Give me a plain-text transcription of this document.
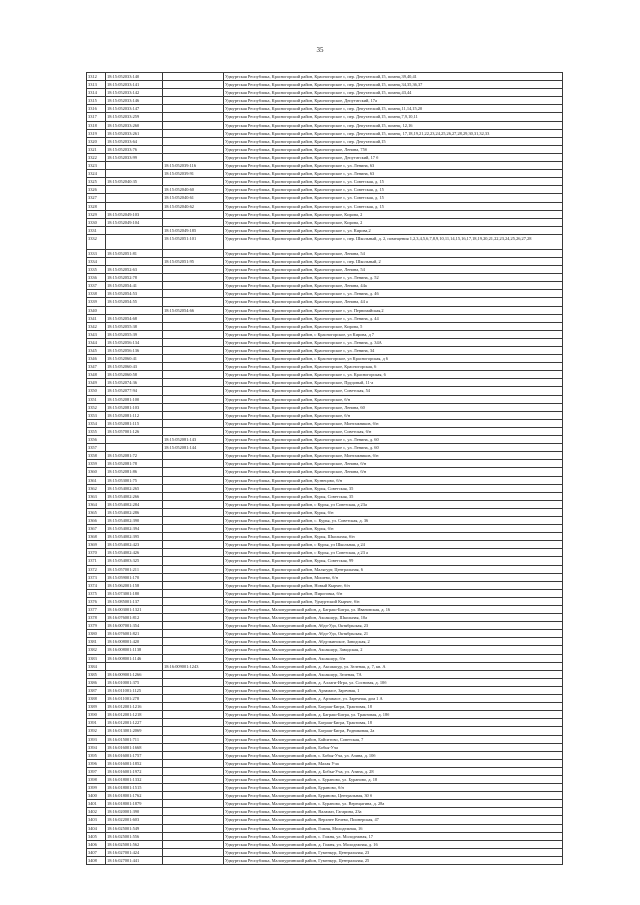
35
3312	18:15:052033:140		Удмуртская Республика, Красногорский район, Красногорское с, пер. Депутатский,15, помещ.39,40,41
3313	18:15:052033:141		Удмуртская Республика, Красногорский район, Красногорское с, пер. Депутатский,15, помещ.34,35,36,37
3314	18:15:052033:142		Удмуртская Республика, Красногорский район, Красногорское с, пер. Депутатский,15, помещ.43,44
3315	18:15:052033:146		Удмуртская Республика, Красногорский район, Красногорское, Депутатский, 17а
3316	18:15:052033:147		Удмуртская Республика, Красногорский район, Красногорское с, пер. Депутатский,15, помещ.11,14,15,20
3317	18:15:052033:259		Удмуртская Республика, Красногорский район, Красногорское с, пер. Депутатский,15, помещ.7,9,10,11
3318	18:15:052033:260		Удмуртская Республика, Красногорский район, Красногорское с, пер. Депутатский,15, помещ. 12,16
3319	18:15:052033:261		Удмуртская Республика, Красногорский район, Красногорское с, пер. Депутатский,15, помещ. 17,18,19,21,22,23,24,25,26,27,28,29,30,31,32,33
3320	18:15:052033:64		Удмуртская Республика, Красногорский район, Красногорское с, пер. Депутатский,15
3321	18:15:052033:76		Удмуртская Республика, Красногорский район, Красногорское, Ленина, 75б
3322	18:15:052033:99		Удмуртская Республика, Красногорский район, Красногорское, Депутатский, 17 б
3323		18:15:052039:116	Удмуртская Республика, Красногорский район, Красногорское с, ул. Ленина, 63
3324		18:15:052039:91	Удмуртская Республика, Красногорский район, Красногорское с, ул. Ленина, 63
3325	18:15:052040:35		Удмуртская Республика, Красногорский район, Красногорское с, ул. Советская, д. 15
3326		18:15:052040:60	Удмуртская Республика, Красногорский район, Красногорское с, ул. Советская, д. 15
3327		18:15:052040:61	Удмуртская Республика, Красногорский район, Красногорское с, ул. Советская, д. 15
3328		18:15:052040:62	Удмуртская Республика, Красногорский район, Красногорское с, ул. Советская, д. 15
3329	18:15:052049:103		Удмуртская Республика, Красногорский район, Красногорское, Кирова, 2
3330	18:15:052049:104		Удмуртская Республика, Красногорский район, Красногорское, Кирова, 2
3331		18:15:052049:185	Удмуртская Республика, Красногорский район, Красногорское с, ул. Кирова,2
3332		18:15:052051:101	Удмуртская Республика, Красногорский район, Красногорское с, пер. Школьный, д. 2, помещения 1,2,3,4,5,6,7,8,9,10,11,14,15,16,17,18,19,20,21,22,23,24,25,26,27,28
3333	18:15:052051:81		Удмуртская Республика, Красногорский район, Красногорское, Ленина, 54
3334		18:15:052051:95	Удмуртская Республика, Красногорский район, Красногорское с, пер. Школьный, 2
3335	18:15:052052:63		Удмуртская Республика, Красногорский район, Красногорское, Ленина, 54
3336	18:15:052052:78		Удмуртская Республика, Красногорский район, Красногорское с, ул. Ленина, д. 52
3337	18:15:052054:41		Удмуртская Республика, Красногорский район, Красногорское, Ленина, 44а
3338	18:15:052054:53		Удмуртская Республика, Красногорский район, Красногорское с, ул. Ленина, д. 46
3339	18:15:052054:55		Удмуртская Республика, Красногорский район, Красногорское, Ленина, 44 а
3340		18:15:052054:66	Удмуртская Республика, Красногорский район, Красногорское с, ул. Первомайская,2
3341	18:15:052054:68		Удмуртская Республика, Красногорский район, Красногорское с, ул. Ленина, д. 44
3342	18:15:052055:38		Удмуртская Республика, Красногорский район, Красногорское, Кирова, 5
3343	18:15:052055:39		Удмуртская Республика, Красногорский район, с Красногорское, ул Кирова, д 7
3344	18:15:052056:134		Удмуртская Республика, Красногорский район, Красногорское с, ул. Ленина, д. 34А
3345	18:15:052056:136		Удмуртская Республика, Красногорский район, Красногорское с, ул. Ленина, 34
3346	18:15:052060:41		Удмуртская Республика, Красногорский район, с Красногорское, ул Красногорская, д 6
3347	18:15:052060:43		Удмуртская Республика, Красногорский район, Красногорское, Красногорская, 6
3348	18:15:052060:58		Удмуртская Республика, Красногорский район, Красногорское с, ул. Красногорская, 6
3349	18:15:052074:36		Удмуртская Республика, Красногорский район, Красногорское, Прудовый, 11-а
3350	18:15:052077:94		Удмуртская Республика, Красногорский район, Красногорское, Советская, 54
3351	18:15:052081:100		Удмуртская Республика, Красногорский район, Красногорское, б/н
3352	18:15:052081:103		Удмуртская Республика, Красногорский район, Красногорское, Ленина, 60
3353	18:15:052081:112		Удмуртская Республика, Красногорский район, Красногорское, б/н
3354	18:15:052081:115		Удмуртская Республика, Красногорский район, Красногорское, Монтажников, б/н
3355	18:15:057001:126		Удмуртская Республика, Красногорский район, Красногорское, Советская, б/н
3356		18:15:052081:143	Удмуртская Республика, Красногорский район, Красногорское с, ул. Ленина, д. 60
3357		18:15:052081:144	Удмуртская Республика, Красногорский район, Красногорское с, ул. Ленина, д. 60
3358	18:15:052081:72		Удмуртская Республика, Красногорский район, Красногорское, Монтажников, б/н
3359	18:15:052081:78		Удмуртская Республика, Красногорский район, Красногорское, Ленина, б/н
3360	18:15:052081:86		Удмуртская Республика, Красногорский район, Красногорское, Ленина, б/н
3361	18:15:053001:75		Удмуртская Республика, Красногорский район, Кузнецово, б/н
3362	18:15:054002:265		Удмуртская Республика, Красногорский район, Курья, Советская, 35
3363	18:15:054002:266		Удмуртская Республика, Красногорский район, Курья, Советская, 35
3364	18:15:054002:284		Удмуртская Республика, Красногорский район, с Курья, ул Советская, д 23а
3365	18:15:054002:286		Удмуртская Республика, Красногорский район, Курья, б/н
3366	18:15:054002:390		Удмуртская Республика, Красногорский район, с. Курья, ул. Советская, д. 36
3367	18:15:054002:394		Удмуртская Республика, Красногорский район, Курья, б/н
3368	18:15:054002:395		Удмуртская Республика, Красногорский район, Курья, Школьная, б/н
3369	18:15:054002:423		Удмуртская Республика, Красногорский район, с Курья, ул Школьная, д 24
3370	18:15:054002:426		Удмуртская Республика, Красногорский район, с Курья, ул Советская, д 23 а
3371	18:15:054003:325		Удмуртская Республика, Красногорский район, Курья, Советская, 99
3372	18:15:057001:211		Удмуртская Республика, Красногорский район, Малягурт, Центральная, 6
3373	18:15:059001:170		Удмуртская Республика, Красногорский район, Мошево, б/н
3374	18:15:062001:158		Удмуртская Республика, Красногорский район, Новый Кырчег, б/н
3375	18:15:073001:180		Удмуртская Республика, Красногорский район, Пироговка, б/н
3376	18:15:085001:137		Удмуртская Республика, Красногорский район, Удмуртский Кырчег, б/н
3377	18:16:003001:1321		Удмуртская Республика, Малопургинский район, д. Баграш-Бигра, ул. Ивановская, д. 16
3378	18:16:076001:812		Удмуртская Республика, Малопургинский район, Аксакшур, Школьная, 10а
3379	18:16:007001:354		Удмуртская Республика, Малопургинский район, Абдэ-Удэ, Октябрьская, 23
3380	18:16:076001:821		Удмуртская Республика, Малопургинский район, Абдэ-Удэ, Октябрьская, 21
3381	18:16:008001:420		Удмуртская Республика, Малопургинский район, Абдулкинское, Заводская, 2
3382	18:16:008001:1138		Удмуртская Республика, Малопургинский район, Аксакшур, Заводская, 2
3383	18:16:008001:1146		Удмуртская Республика, Малопургинский район, Аксакшур, б/н
3384		18:16:009001:1243	Удмуртская Республика, Малопургинский район, д. Аксакшур, ул. Зеленая, д. 7, кв. А
3385	18:16:009001:1266		Удмуртская Республика, Малопургинский район, Аксакшур, Зеленая, 7А
3386	18:16:010001:375		Удмуртская Республика, Малопургинский район, д. Аллаги-Игра, ул. Сосновая, д. 10б
3387	18:16:011001:1125		Удмуртская Республика, Малопургинский район, Арзамасе, Заречная, 1
3388	18:16:011001:278		Удмуртская Республика, Малопургинский район, д. Арзамасе, ул. Заречная, дом 1 А
3389	18:16:012001:1216		Удмуртская Республика, Малопургинский район, Баграш-Бигра, Трактовая, 18
3390	18:16:012001:1218		Удмуртская Республика, Малопургинский район, д. Баграш-Бигра, ул. Трактовая, д. 18б
3391	18:16:012001:1227		Удмуртская Республика, Малопургинский район, Баграш-Бигра, Трактовая, 18
3392	18:16:013001:2069		Удмуртская Республика, Малопургинский район, Баграш-Бигра, Родниковая, 2а
3393	18:16:015001:711		Удмуртская Республика, Малопургинский район, Байситово, Советская, 7
3394	18:16:016001:1668		Удмуртская Республика, Малопургинский район, Бобья-Уча
3395	18:16:016001:1757		Удмуртская Республика, Малопургинский район, с. Бобья-Уча, ул. Азина, д. 10б
3396	18:16:016001:1852		Удмуртская Республика, Малопургинский район, Малая Уча
3397	18:16:016001:1972		Удмуртская Республика, Малопургинский район, д. Бобья-Уча, ул. Азина, д. 28
3398	18:16:018001:1332		Удмуртская Республика, Малопургинский район, с. Бураново, ул. Бураново, д. 18
3399	18:16:018001:1515		Удмуртская Республика, Малопургинский район, Бураново, б/н
3400	18:16:018001:1762		Удмуртская Республика, Малопургинский район, Бураново, Центральная, 30 б
3401	18:16:018001:1879		Удмуртская Республика, Малопургинский район, с. Бураново, ул. Верещагина, д. 28а
3402	18:16:020001:390		Удмуртская Республика, Малопургинский район, Валамаз, Гагарина, 23а
3403	18:16:022001:603		Удмуртская Республика, Малопургинский район, Верхнее Кечево, Пионерская, 47
3404	18:16:025001:549		Удмуртская Республика, Малопургинский район, Гожня, Молодежная, 16
3405	18:16:025001:556		Удмуртская Республика, Малопургинский район, с. Гожня, ул. Молодежная, 17
3406	18:16:025001:562		Удмуртская Республика, Малопургинский район, д. Гожня, ул. Молодежная, д. 16
3407	18:16:027001:424		Удмуртская Республика, Малопургинский район, Гуменкур, Центральная, 23
3408	18:16:027001:441		Удмуртская Республика, Малопургинский район, Гуменкур, Центральная, 25
